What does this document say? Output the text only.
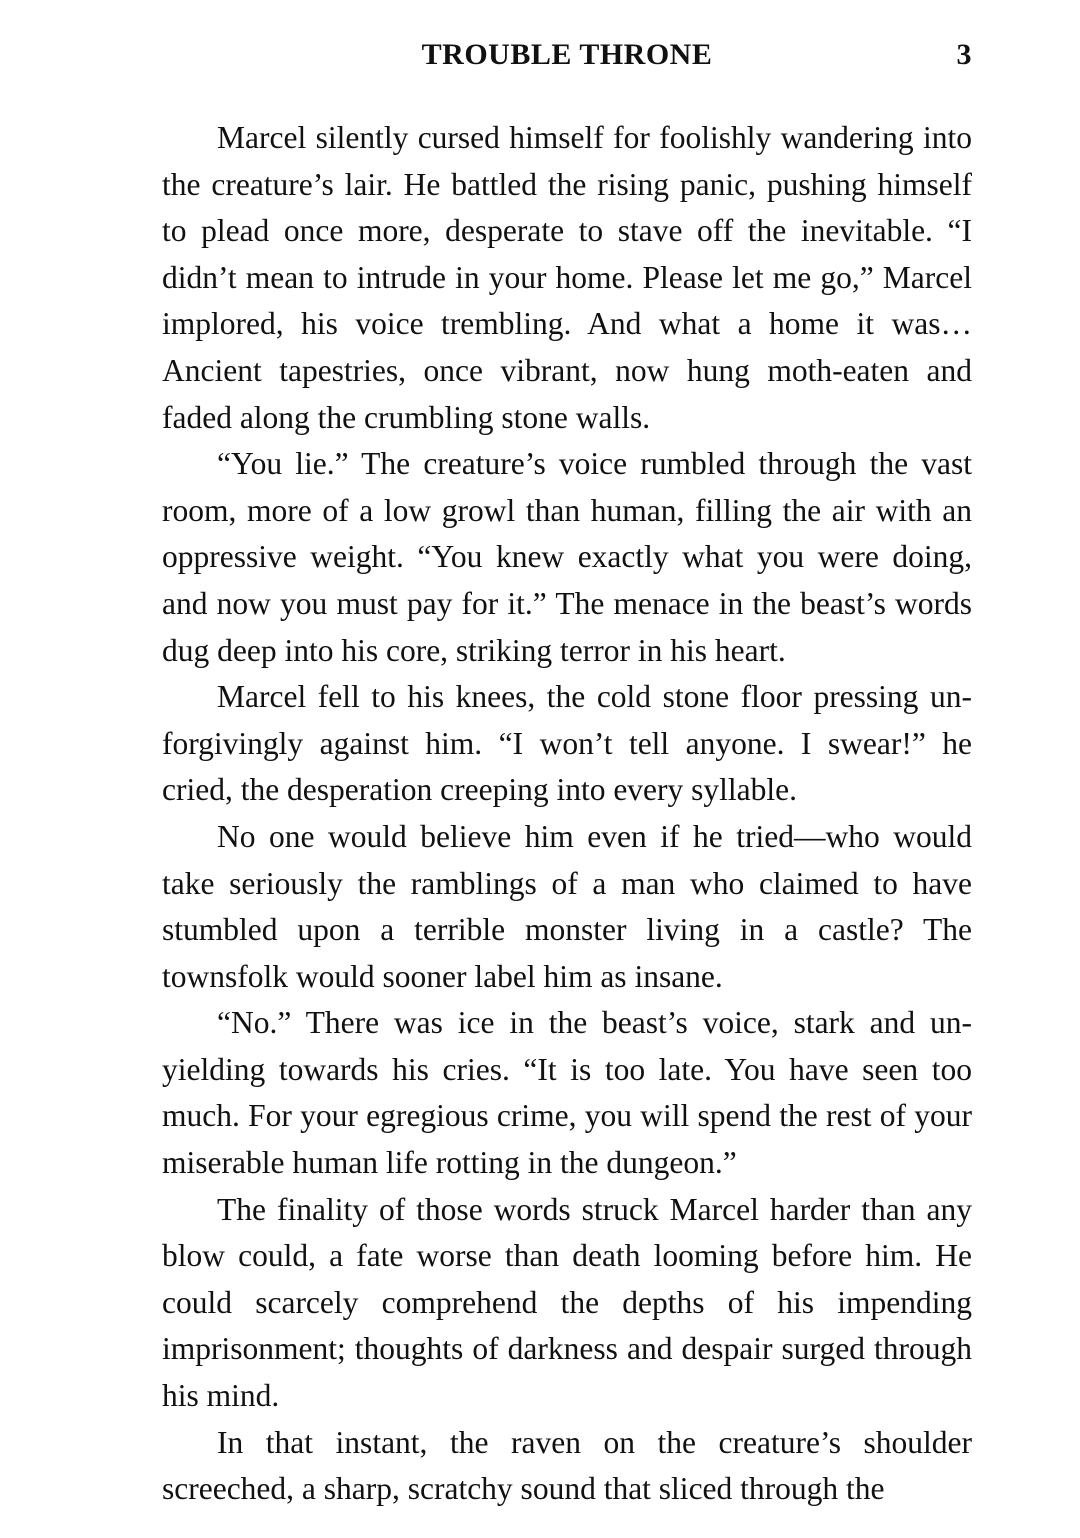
TROUBLE THRONE	3

Marcel silently cursed himself for foolishly wandering into the creature’s lair. He battled the rising panic, pushing himself to plead once more, desperate to stave off the inevitable. “I didn’t mean to intrude in your home. Please let me go,” Marcel implored, his voice trembling. And what a home it was… Ancient tapestries, once vibrant, now hung moth-eaten and faded along the crumbling stone walls.

“You lie.” The creature’s voice rumbled through the vast room, more of a low growl than human, filling the air with an oppressive weight. “You knew exactly what you were doing, and now you must pay for it.” The menace in the beast’s words dug deep into his core, striking terror in his heart.

Marcel fell to his knees, the cold stone floor pressing unforgivingly against him. “I won’t tell anyone. I swear!” he cried, the desperation creeping into every syllable.

No one would believe him even if he tried—who would take seriously the ramblings of a man who claimed to have stumbled upon a terrible monster living in a castle? The townsfolk would sooner label him as insane.

“No.” There was ice in the beast’s voice, stark and unyielding towards his cries. “It is too late. You have seen too much. For your egregious crime, you will spend the rest of your miserable human life rotting in the dungeon.”

The finality of those words struck Marcel harder than any blow could, a fate worse than death looming before him. He could scarcely comprehend the depths of his impending imprisonment; thoughts of darkness and despair surged through his mind.

In that instant, the raven on the creature’s shoulder screeched, a sharp, scratchy sound that sliced through the
